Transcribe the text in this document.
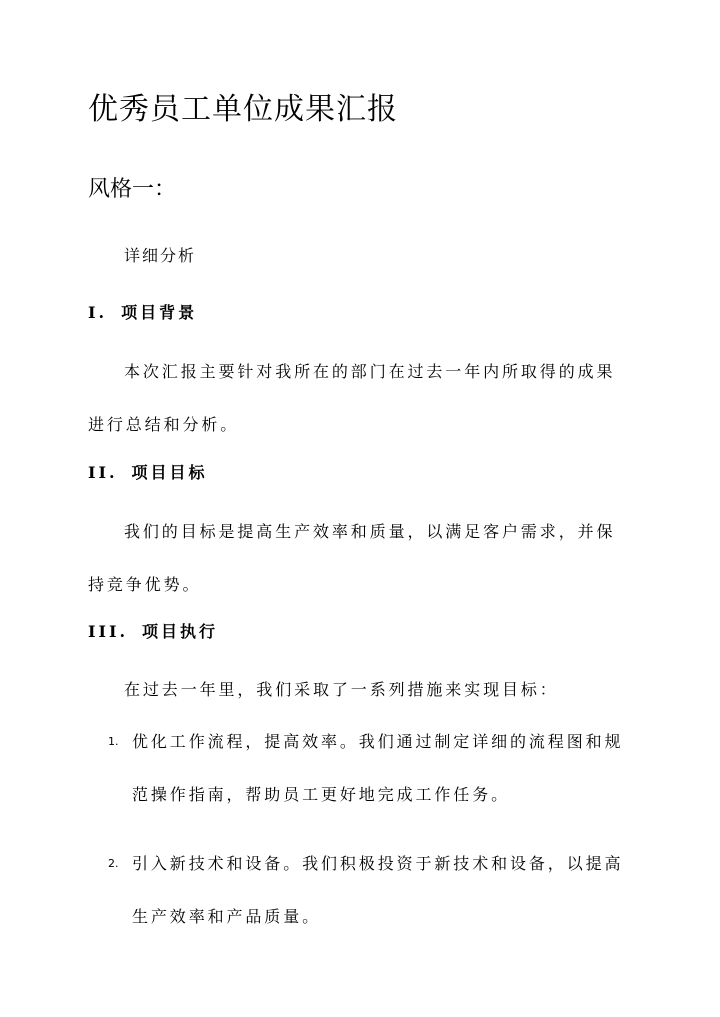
优秀员工单位成果汇报
风格一：
详细分析
I. 项目背景
本次汇报主要针对我所在的部门在过去一年内所取得的成果进行总结和分析。
II. 项目目标
我们的目标是提高生产效率和质量，以满足客户需求，并保持竞争优势。
III. 项目执行
在过去一年里，我们采取了一系列措施来实现目标：
1. 优化工作流程，提高效率。我们通过制定详细的流程图和规范操作指南，帮助员工更好地完成工作任务。
2. 引入新技术和设备。我们积极投资于新技术和设备，以提高生产效率和产品质量。
